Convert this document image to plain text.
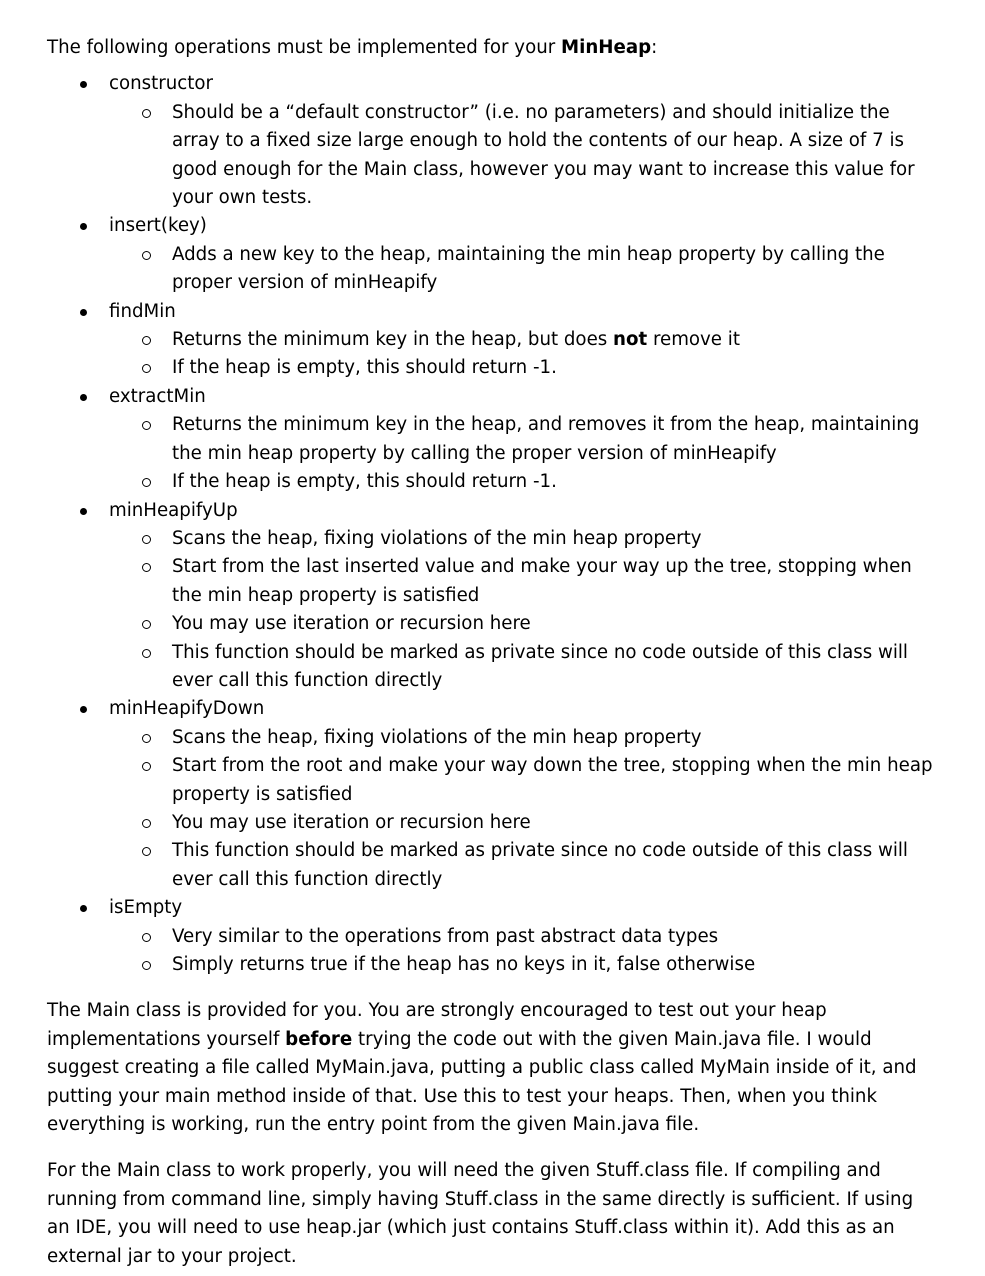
The following operations must be implemented for your MinHeap:

constructor
Should be a “default constructor” (i.e. no parameters) and should initialize the array to a fixed size large enough to hold the contents of our heap. A size of 7 is good enough for the Main class, however you may want to increase this value for your own tests.
insert(key)
Adds a new key to the heap, maintaining the min heap property by calling the proper version of minHeapify
findMin
Returns the minimum key in the heap, but does not remove it
If the heap is empty, this should return -1.
extractMin
Returns the minimum key in the heap, and removes it from the heap, maintaining the min heap property by calling the proper version of minHeapify
If the heap is empty, this should return -1.
minHeapifyUp
Scans the heap, fixing violations of the min heap property
Start from the last inserted value and make your way up the tree, stopping when the min heap property is satisfied
You may use iteration or recursion here
This function should be marked as private since no code outside of this class will ever call this function directly
minHeapifyDown
Scans the heap, fixing violations of the min heap property
Start from the root and make your way down the tree, stopping when the min heap property is satisfied
You may use iteration or recursion here
This function should be marked as private since no code outside of this class will ever call this function directly
isEmpty
Very similar to the operations from past abstract data types
Simply returns true if the heap has no keys in it, false otherwise

The Main class is provided for you. You are strongly encouraged to test out your heap implementations yourself before trying the code out with the given Main.java file. I would suggest creating a file called MyMain.java, putting a public class called MyMain inside of it, and putting your main method inside of that. Use this to test your heaps. Then, when you think everything is working, run the entry point from the given Main.java file.

For the Main class to work properly, you will need the given Stuff.class file. If compiling and running from command line, simply having Stuff.class in the same directly is sufficient. If using an IDE, you will need to use heap.jar (which just contains Stuff.class within it). Add this as an external jar to your project.
